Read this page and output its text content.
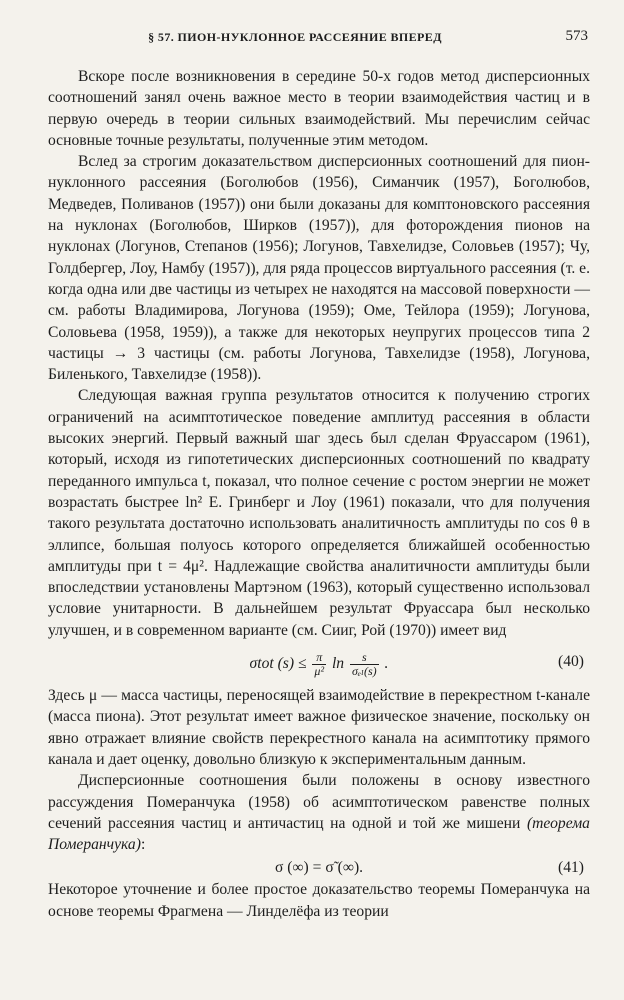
§ 57. ПИОН-НУКЛОННОЕ РАССЕЯНИЕ ВПЕРЕД	573

Вскоре после возникновения в середине 50-х годов метод дисперсионных соотношений занял очень важное место в теории взаимодействия частиц и в первую очередь в теории сильных взаимодействий. Мы перечислим сейчас основные точные результаты, полученные этим методом.

Вслед за строгим доказательством дисперсионных соотношений для пион-нуклонного рассеяния (Боголюбов (1956), Симанчик (1957), Боголюбов, Медведев, Поливанов (1957)) они были доказаны для комптоновского рассеяния на нуклонах (Боголюбов, Ширков (1957)), для фоторождения пионов на нуклонах (Логунов, Степанов (1956); Логунов, Тавхелидзе, Соловьев (1957); Чу, Голдбергер, Лоу, Намбу (1957)), для ряда процессов виртуального рассеяния (т. е. когда одна или две частицы из четырех не находятся на массовой поверхности — см. работы Владимирова, Логунова (1959); Оме, Тейлора (1959); Логунова, Соловьева (1958, 1959)), а также для некоторых неупругих процессов типа 2 частицы → 3 частицы (см. работы Логунова, Тавхелидзе (1958), Логунова, Биленького, Тавхелидзе (1958)).

Следующая важная группа результатов относится к получению строгих ограничений на асимптотическое поведение амплитуд рассеяния в области высоких энергий. Первый важный шаг здесь был сделан Фруассаром (1961), который, исходя из гипотетических дисперсионных соотношений по квадрату переданного импульса t, показал, что полное сечение с ростом энергии не может возрастать быстрее ln² E. Гринберг и Лоу (1961) показали, что для получения такого результата достаточно использовать аналитичность амплитуды по cos θ в эллипсе, большая полуось которого определяется ближайшей особенностью амплитуды при t = 4μ². Надлежащие свойства аналитичности амплитуды были впоследствии установлены Мартэном (1963), который существенно использовал условие унитарности. В дальнейшем результат Фруассара был несколько улучшен, и в современном варианте (см. Сииг, Рой (1970)) имеет вид

σtot $(s) \le \frac{\pi}{\text{μ²}}$ $\ln \frac{s}{\text{σₑₗ(s)}}$ .	(40)

Здесь μ — масса частицы, переносящей взаимодействие в перекрестном t-канале (масса пиона). Этот результат имеет важное физическое значение, поскольку он явно отражает влияние свойств перекрестного канала на асимптотику прямого канала и дает оценку, довольно близкую к экспериментальным данным.

Дисперсионные соотношения были положены в основу известного рассуждения Померанчука (1958) об асимптотическом равенстве полных сечений рассеяния частиц и античастиц на одной и той же мишени (теорема Померанчука):

σ (∞) = σ̃ (∞).	(41)

Некоторое уточнение и более простое доказательство теоремы Померанчука на основе теоремы Фрагмена — Линделёфа из теории
